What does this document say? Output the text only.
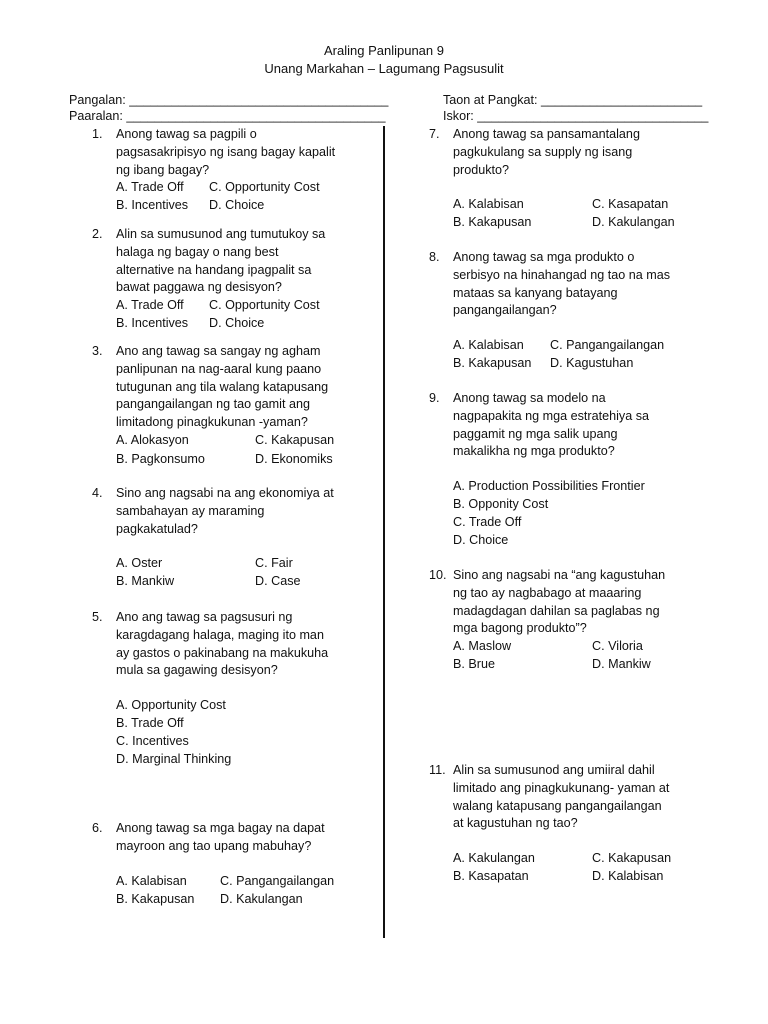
Araling Panlipunan 9
Unang Markahan – Lagumang Pagsusulit
Pangalan: _____________________________________
Paaralan: _____________________________________
Taon at Pangkat: _______________________
Iskor: _________________________________
1. Anong tawag sa pagpili o
pagsasakripisyo ng isang bagay kapalit
ng ibang bagay?
A. Trade Off C. Opportunity Cost
B. Incentives D. Choice
2. Alin sa sumusunod ang tumutukoy sa
halaga ng bagay o nang best
alternative na handang ipagpalit sa
bawat paggawa ng desisyon?
A. Trade Off C. Opportunity Cost
B. Incentives D. Choice
3. Ano ang tawag sa sangay ng agham
panlipunan na nag-aaral kung paano
tutugunan ang tila walang katapusang
pangangailangan ng tao gamit ang
limitadong pinagkukunan -yaman?
A. Alokasyon	C. Kakapusan
B. Pagkonsumo	D. Ekonomiks
4. Sino ang nagsabi na ang ekonomiya at
sambahayan ay maraming
pagkakatulad?
A. Oster	C. Fair
B. Mankiw	D. Case
5. Ano ang tawag sa pagsusuri ng
karagdagang halaga, maging ito man
ay gastos o pakinabang na makukuha
mula sa gagawing desisyon?
A. Opportunity Cost
B. Trade Off
C. Incentives
D. Marginal Thinking
6. Anong tawag sa mga bagay na dapat
mayroon ang tao upang mabuhay?
A. Kalabisan	C. Pangangailangan
B. Kakapusan D. Kakulangan
7. Anong tawag sa pansamantalang
pagkukulang sa supply ng isang
produkto?
A. Kalabisan	C. Kasapatan
B. Kakapusan	D. Kakulangan
8. Anong tawag sa mga produkto o
serbisyo na hinahangad ng tao na mas
mataas sa kanyang batayang
pangangailangan?
A. Kalabisan C. Pangangailangan
B. Kakapusan D. Kagustuhan
9. Anong tawag sa modelo na
nagpapakita ng mga estratehiya sa
paggamit ng mga salik upang
makalikha ng mga produkto?
A. Production Possibilities Frontier
B. Opponity Cost
C. Trade Off
D. Choice
10. Sino ang nagsabi na “ang kagustuhan
ng tao ay nagbabago at maaaring
madagdagan dahilan sa paglabas ng
mga bagong produkto”?
A. Maslow	C. Viloria
B. Brue	D. Mankiw
11. Alin sa sumusunod ang umiiral dahil
limitado ang pinagkukunang- yaman at
walang katapusang pangangailangan
at kagustuhan ng tao?
A. Kakulangan	C. Kakapusan
B. Kasapatan	D. Kalabisan
